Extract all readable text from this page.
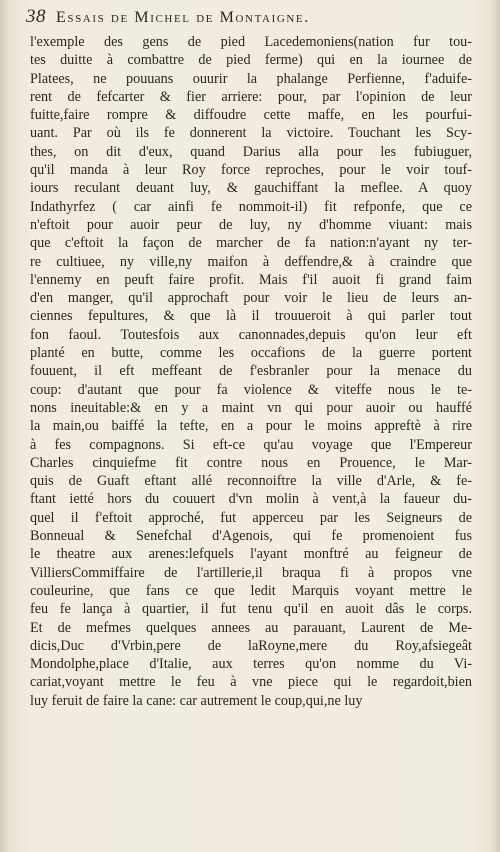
38 Essais de Michel de Montaigne.
l'exemple des gens de pied Lacedemoniens(nation fur tou-
tes duitte à combattre de pied ferme) qui en la iournee de
Platees, ne pouuans ouurir la phalange Perfienne, f'aduife-
rent de fefcarter & fier arriere: pour, par l'opinion de leur
fuitte,faire rompre & diffoudre cette maffe, en les pourfui-
uant. Par où ils fe donnerent la victoire. Touchant les Scy-
thes, on dit d'eux, quand Darius alla pour les fubiuguer,
qu'il manda à leur Roy force reproches, pour le voir touf-
iours reculant deuant luy, & gauchiffant la meflee. A quoy
Indathyrfez ( car ainfi fe nommoit-il) fit refponfe, que ce
n'eftoit pour auoir peur de luy, ny d'homme viuant: mais
que c'eftoit la façon de marcher de fa nation:n'ayant ny ter-
re cultiuee, ny ville,ny maifon à deffendre,& à craindre que
l'ennemy en peuft faire profit. Mais f'il auoit fi grand faim
d'en manger, qu'il approchaft pour voir le lieu de leurs an-
ciennes fepultures, & que là il trouueroit à qui parler tout
fon faoul. Toutesfois aux canonnades,depuis qu'on leur eft
planté en butte, comme les occafions de la guerre portent
fouuent, il eft meffeant de f'esbranler pour la menace du
coup: d'autant que pour fa violence & viteffe nous le te-
nons ineuitable:& en y a maint vn qui pour auoir ou hauffé
la main,ou baiffé la tefte, en a pour le moins appreftè à rire
à fes compagnons. Si eft-ce qu'au voyage que l'Empereur
Charles cinquiefme fit contre nous en Prouence, le Mar-
quis de Guaft eftant allé reconnoiftre la ville d'Arle, & fe-
ftant ietté hors du couuert d'vn molin à vent,à la faueur du-
quel il f'eftoit approché, fut apperceu par les Seigneurs de
Bonneual & Senefchal d'Agenois, qui fe promenoient fus
le theatre aux arenes:lefquels l'ayant monftré au feigneur de
VilliersCommiffaire de l'artillerie,il braqua fi à propos vne
couleurine, que fans ce que ledit Marquis voyant mettre le
feu fe lança à quartier, il fut tenu qu'il en auoit dâs le corps.
Et de mefmes quelques annees au parauant, Laurent de Me-
dicis,Duc d'Vrbin,pere de laRoyne,mere du Roy,afsiegeât
Mondolphe,place d'Italie, aux terres qu'on nomme du Vi-
cariat,voyant mettre le feu à vne piece qui le regardoit,bien
luy feruit de faire la cane: car autrement le coup,qui,ne luy
